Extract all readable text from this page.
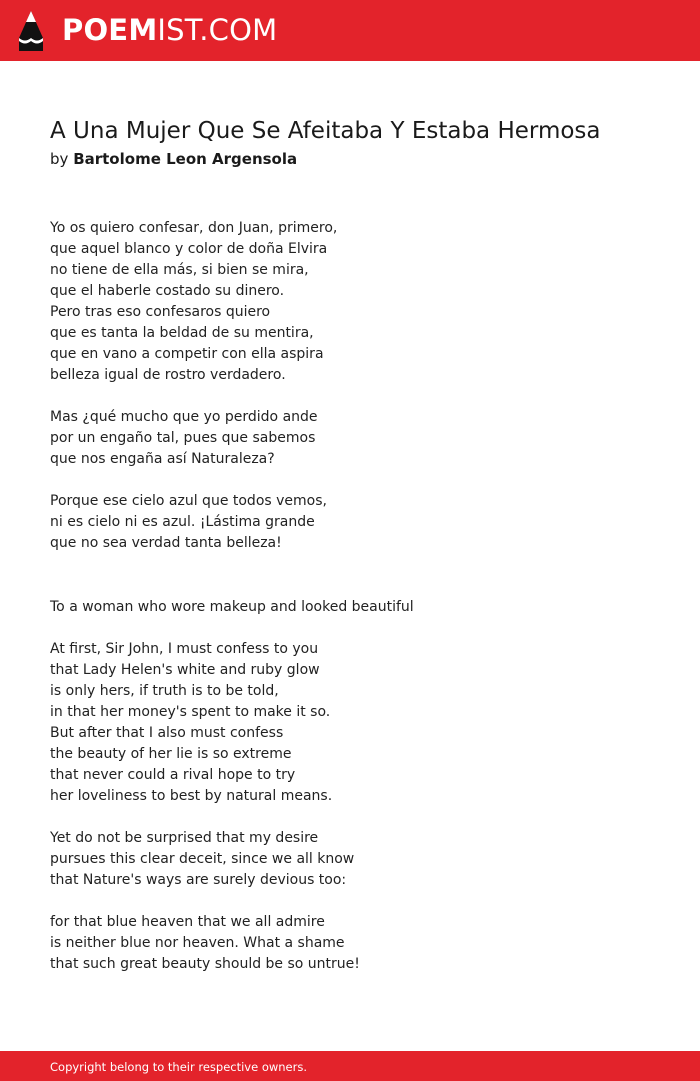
POEMIST.COM
A Una Mujer Que Se Afeitaba Y Estaba Hermosa
by Bartolome Leon Argensola
Yo os quiero confesar, don Juan, primero,
que aquel blanco y color de doña Elvira
no tiene de ella más, si bien se mira,
que el haberle costado su dinero.
Pero tras eso confesaros quiero
que es tanta la beldad de su mentira,
que en vano a competir con ella aspira
belleza igual de rostro verdadero.
Mas ¿qué mucho que yo perdido ande
por un engaño tal, pues que sabemos
que nos engaña así Naturaleza?
Porque ese cielo azul que todos vemos,
ni es cielo ni es azul. ¡Lástima grande
que no sea verdad tanta belleza!
To a woman who wore makeup and looked beautiful
At first, Sir John, I must confess to you
that Lady Helen's white and ruby glow
is only hers, if truth is to be told,
in that her money's spent to make it so.
But after that I also must confess
the beauty of her lie is so extreme
that never could a rival hope to try
her loveliness to best by natural means.
Yet do not be surprised that my desire
pursues this clear deceit, since we all know
that Nature's ways are surely devious too:
for that blue heaven that we all admire
is neither blue nor heaven. What a shame
that such great beauty should be so untrue!
Copyright belong to their respective owners.
